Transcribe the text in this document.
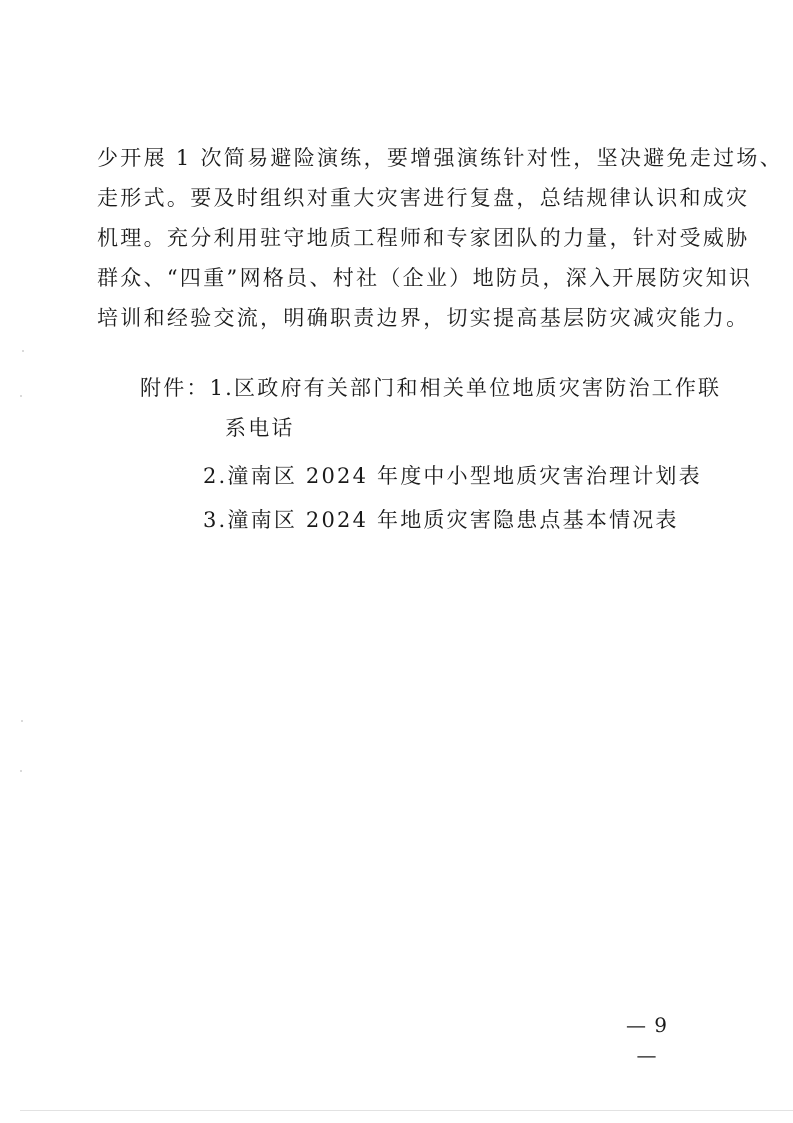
少开展 1 次简易避险演练，要增强演练针对性，坚决避免走过场、
走形式。要及时组织对重大灾害进行复盘，总结规律认识和成灾
机理。充分利用驻守地质工程师和专家团队的力量，针对受威胁
群众、“四重”网格员、村社（企业）地防员，深入开展防灾知识
培训和经验交流，明确职责边界，切实提高基层防灾减灾能力。
附件：1.区政府有关部门和相关单位地质灾害防治工作联
系电话
2.潼南区 2024 年度中小型地质灾害治理计划表
3.潼南区 2024 年地质灾害隐患点基本情况表
— 9 —
